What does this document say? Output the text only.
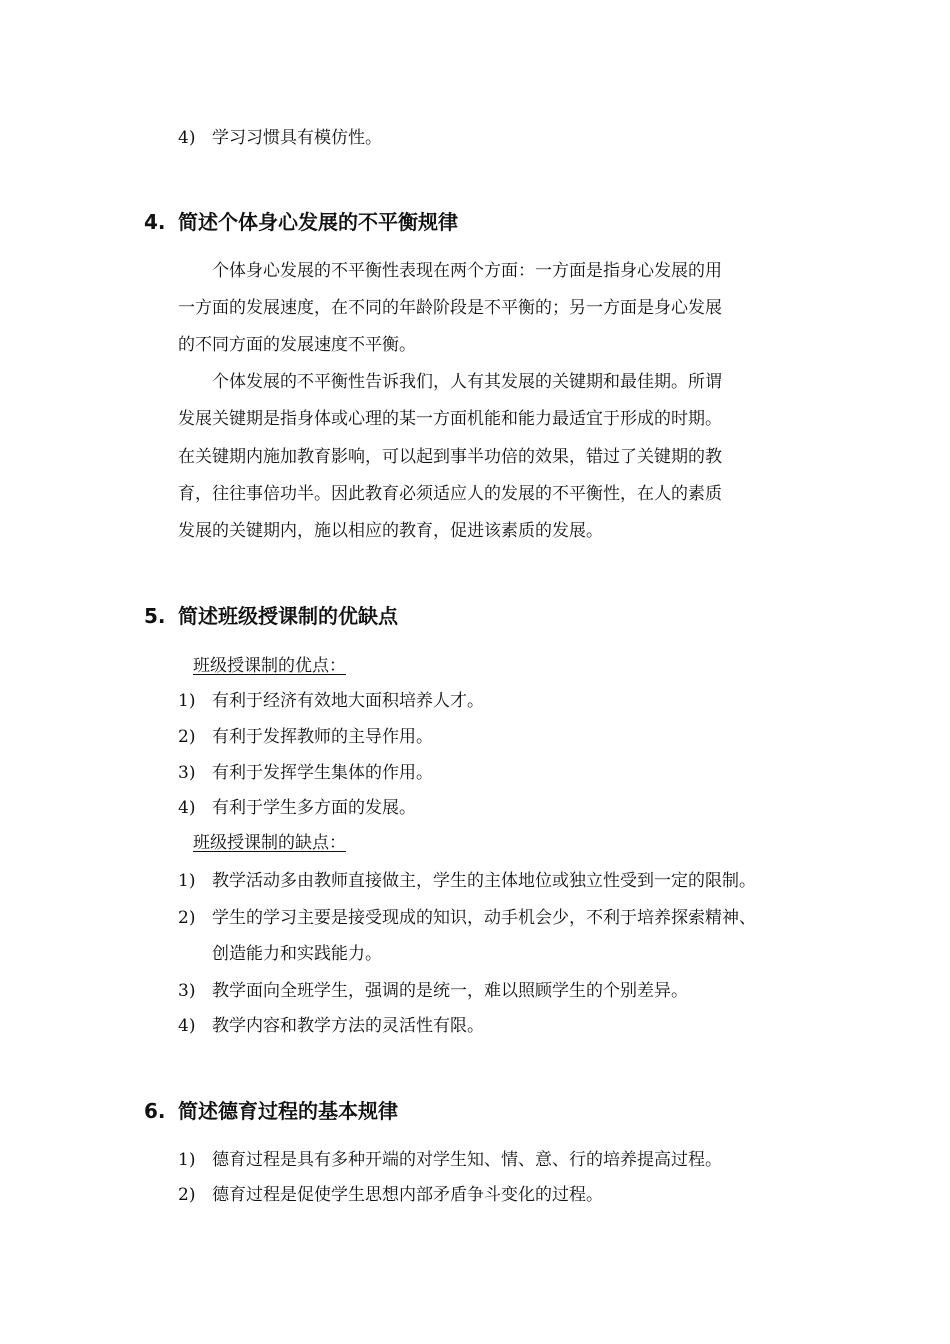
4) 学习习惯具有模仿性。
4. 简述个体身心发展的不平衡规律
　　个体身心发展的不平衡性表现在两个方面：一方面是指身心发展的用
一方面的发展速度，在不同的年龄阶段是不平衡的；另一方面是身心发展
的不同方面的发展速度不平衡。
　　个体发展的不平衡性告诉我们，人有其发展的关键期和最佳期。所谓
发展关键期是指身体或心理的某一方面机能和能力最适宜于形成的时期。
在关键期内施加教育影响，可以起到事半功倍的效果，错过了关键期的教
育，往往事倍功半。因此教育必须适应人的发展的不平衡性，在人的素质
发展的关键期内，施以相应的教育，促进该素质的发展。
5. 简述班级授课制的优缺点
班级授课制的优点：
1) 有利于经济有效地大面积培养人才。
2) 有利于发挥教师的主导作用。
3) 有利于发挥学生集体的作用。
4) 有利于学生多方面的发展。
班级授课制的缺点：
1) 教学活动多由教师直接做主，学生的主体地位或独立性受到一定的限制。
2) 学生的学习主要是接受现成的知识，动手机会少，不利于培养探索精神、
创造能力和实践能力。
3) 教学面向全班学生，强调的是统一，难以照顾学生的个别差异。
4) 教学内容和教学方法的灵活性有限。
6. 简述德育过程的基本规律
1) 德育过程是具有多种开端的对学生知、情、意、行的培养提高过程。
2) 德育过程是促使学生思想内部矛盾争斗变化的过程。
